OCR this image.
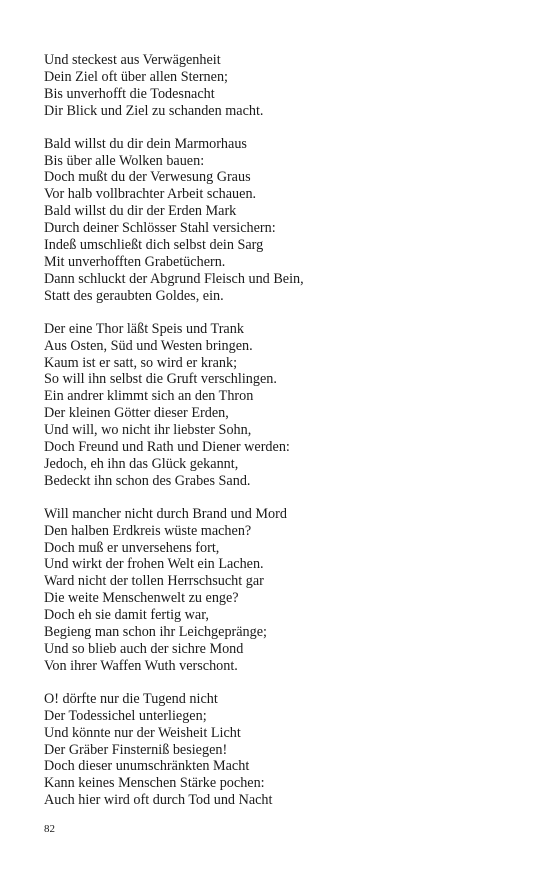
Und steckest aus Verwägenheit

Dein Ziel oft über allen Sternen;

Bis unverhofft die Todesnacht

Dir Blick und Ziel zu schanden macht.

Bald willst du dir dein Marmorhaus

Bis über alle Wolken bauen:

Doch mußt du der Verwesung Graus

Vor halb vollbrachter Arbeit schauen.

Bald willst du dir der Erden Mark

Durch deiner Schlösser Stahl versichern:

Indeß umschließt dich selbst dein Sarg

Mit unverhofften Grabetüchern.

Dann schluckt der Abgrund Fleisch und Bein,

Statt des geraubten Goldes, ein.

Der eine Thor läßt Speis und Trank

Aus Osten, Süd und Westen bringen.

Kaum ist er satt, so wird er krank;

So will ihn selbst die Gruft verschlingen.

Ein andrer klimmt sich an den Thron

Der kleinen Götter dieser Erden,

Und will, wo nicht ihr liebster Sohn,

Doch Freund und Rath und Diener werden:

Jedoch, eh ihn das Glück gekannt,

Bedeckt ihn schon des Grabes Sand.

Will mancher nicht durch Brand und Mord

Den halben Erdkreis wüste machen?

Doch muß er unversehens fort,

Und wirkt der frohen Welt ein Lachen.

Ward nicht der tollen Herrschsucht gar

Die weite Menschenwelt zu enge?

Doch eh sie damit fertig war,

Begieng man schon ihr Leichgepränge;

Und so blieb auch der sichre Mond

Von ihrer Waffen Wuth verschont.

O! dörfte nur die Tugend nicht

Der Todessichel unterliegen;

Und könnte nur der Weisheit Licht

Der Gräber Finsterniß besiegen!

Doch dieser unumschränkten Macht

Kann keines Menschen Stärke pochen:

Auch hier wird oft durch Tod und Nacht

82
